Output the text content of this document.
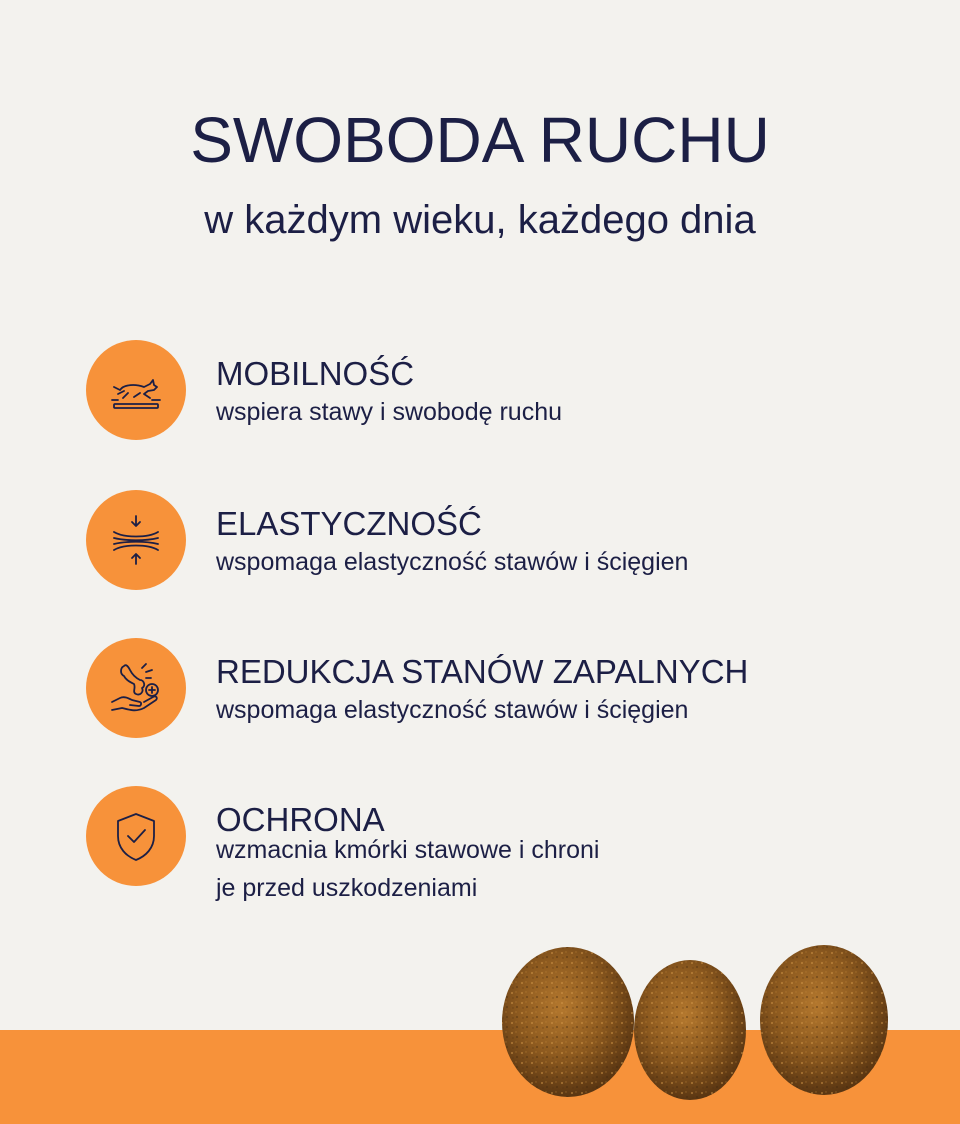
SWOBODA RUCHU
w każdym wieku, każdego dnia

MOBILNOŚĆ

wspiera stawy i swobodę ruchu

ELASTYCZNOŚĆ

wspomaga elastyczność stawów i ścięgien

REDUKCJA STANÓW ZAPALNYCH

wspomaga elastyczność stawów i ścięgien

OCHRONA

wzmacnia kmórki stawowe i chroni

je przed uszkodzeniami
